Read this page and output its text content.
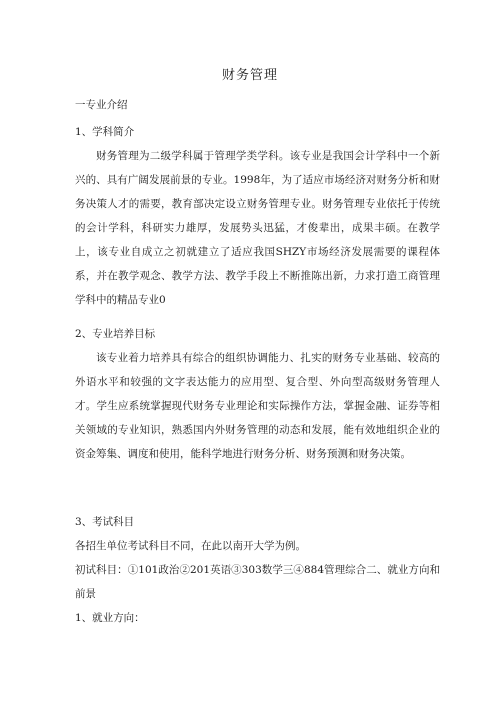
财务管理
一专业介绍
1、学科简介
财务管理为二级学科属于管理学类学科。该专业是我国会计学科中一个新兴的、具有广阔发展前景的专业。1998年，为了适应市场经济对财务分析和财务决策人才的需要，教育部决定设立财务管理专业。财务管理专业依托于传统的会计学科，科研实力雄厚，发展势头迅猛，才俊辈出，成果丰硕。在教学上，该专业自成立之初就建立了适应我国SHZY市场经济发展需要的课程体系，并在教学观念、教学方法、教学手段上不断推陈出新，力求打造工商管理学科中的精品专业0
2、专业培养目标
该专业着力培养具有综合的组织协调能力、扎实的财务专业基础、较高的外语水平和较强的文字表达能力的应用型、复合型、外向型高级财务管理人才。学生应系统掌握现代财务专业理论和实际操作方法，掌握金融、证券等相关领域的专业知识，熟悉国内外财务管理的动态和发展，能有效地组织企业的资金筹集、调度和使用，能科学地进行财务分析、财务预测和财务决策。
3、考试科目
各招生单位考试科目不同，在此以南开大学为例。
初试科目：①101政治②201英语③303数学三④884管理综合二、就业方向和前景
1、就业方向：
